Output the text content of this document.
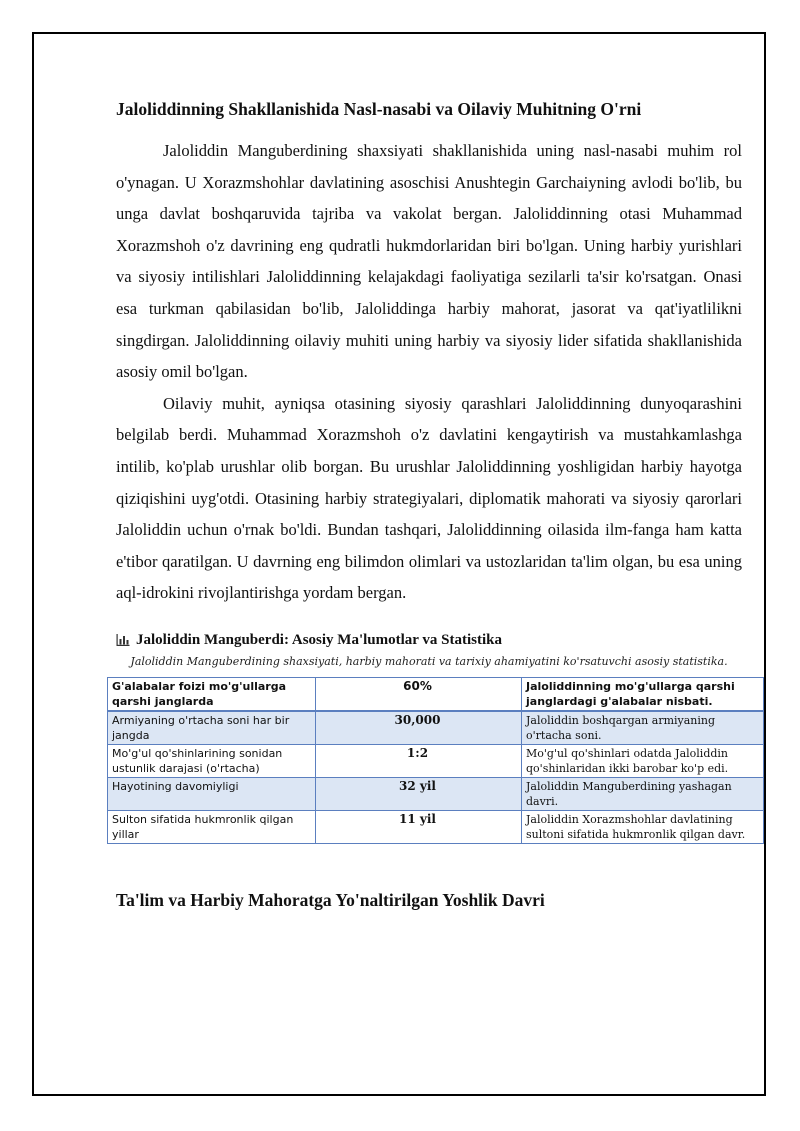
Jaloliddinning Shakllanishida Nasl-nasabi va Oilaviy Muhitning O'rni

Jaloliddin Manguberdining shaxsiyati shakllanishida uning nasl-nasabi muhim rol o'ynagan. U Xorazmshohlar davlatining asoschisi Anushtegin Garchaiyning avlodi bo'lib, bu unga davlat boshqaruvida tajriba va vakolat bergan. Jaloliddinning otasi Muhammad Xorazmshoh o'z davrining eng qudratli hukmdorlaridan biri bo'lgan. Uning harbiy yurishlari va siyosiy intilishlari Jaloliddinning kelajakdagi faoliyatiga sezilarli ta'sir ko'rsatgan. Onasi esa turkman qabilasidan bo'lib, Jaloliddinga harbiy mahorat, jasorat va qat'iyatlilikni singdirgan. Jaloliddinning oilaviy muhiti uning harbiy va siyosiy lider sifatida shakllanishida asosiy omil bo'lgan.

Oilaviy muhit, ayniqsa otasining siyosiy qarashlari Jaloliddinning dunyoqarashini belgilab berdi. Muhammad Xorazmshoh o'z davlatini kengaytirish va mustahkamlashga intilib, ko'plab urushlar olib borgan. Bu urushlar Jaloliddinning yoshligidan harbiy hayotga qiziqishini uyg'otdi. Otasining harbiy strategiyalari, diplomatik mahorati va siyosiy qarorlari Jaloliddin uchun o'rnak bo'ldi. Bundan tashqari, Jaloliddinning oilasida ilm-fanga ham katta e'tibor qaratilgan. U davrning eng bilimdon olimlari va ustozlaridan ta'lim olgan, bu esa uning aql-idrokini rivojlantirishga yordam bergan.

Jaloliddin Manguberdi: Asosiy Ma'lumotlar va Statistika
Jaloliddin Manguberdining shaxsiyati, harbiy mahorati va tarixiy ahamiyatini ko'rsatuvchi asosiy statistika.
G'alabalar foizi mo'g'ullarga qarshi janglarda	60%	Jaloliddinning mo'g'ullarga qarshi janglardagi g'alabalar nisbati.
Armiyaning o'rtacha soni har bir jangda	30,000	Jaloliddin boshqargan armiyaning o'rtacha soni.
Mo'g'ul qo'shinlarining sonidan ustunlik darajasi (o'rtacha)	1:2	Mo'g'ul qo'shinlari odatda Jaloliddin qo'shinlaridan ikki barobar ko'p edi.
Hayotining davomiyligi	32 yil	Jaloliddin Manguberdining yashagan davri.
Sulton sifatida hukmronlik qilgan yillar	11 yil	Jaloliddin Xorazmshohlar davlatining sultoni sifatida hukmronlik qilgan davr.
Ta'lim va Harbiy Mahoratga Yo'naltirilgan Yoshlik Davri
